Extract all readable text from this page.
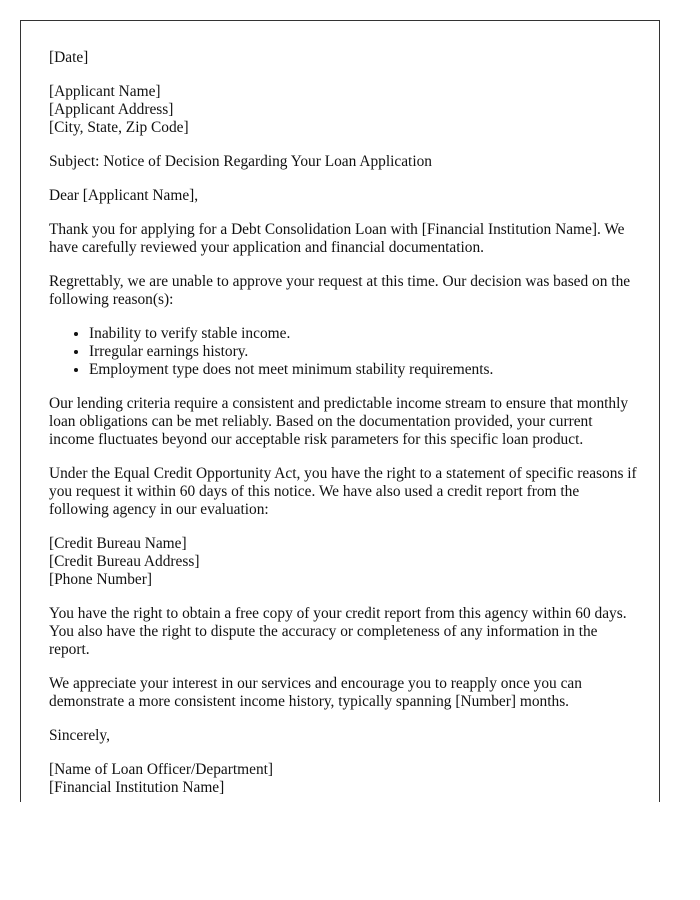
[Date]

[Applicant Name]
[Applicant Address]
[City, State, Zip Code]

Subject: Notice of Decision Regarding Your Loan Application

Dear [Applicant Name],

Thank you for applying for a Debt Consolidation Loan with [Financial Institution Name]. We have carefully reviewed your application and financial documentation.

Regrettably, we are unable to approve your request at this time. Our decision was based on the following reason(s):

• Inability to verify stable income.
• Irregular earnings history.
• Employment type does not meet minimum stability requirements.

Our lending criteria require a consistent and predictable income stream to ensure that monthly loan obligations can be met reliably. Based on the documentation provided, your current income fluctuates beyond our acceptable risk parameters for this specific loan product.

Under the Equal Credit Opportunity Act, you have the right to a statement of specific reasons if you request it within 60 days of this notice. We have also used a credit report from the following agency in our evaluation:

[Credit Bureau Name]
[Credit Bureau Address]
[Phone Number]

You have the right to obtain a free copy of your credit report from this agency within 60 days. You also have the right to dispute the accuracy or completeness of any information in the report.

We appreciate your interest in our services and encourage you to reapply once you can demonstrate a more consistent income history, typically spanning [Number] months.

Sincerely,

[Name of Loan Officer/Department]
[Financial Institution Name]
